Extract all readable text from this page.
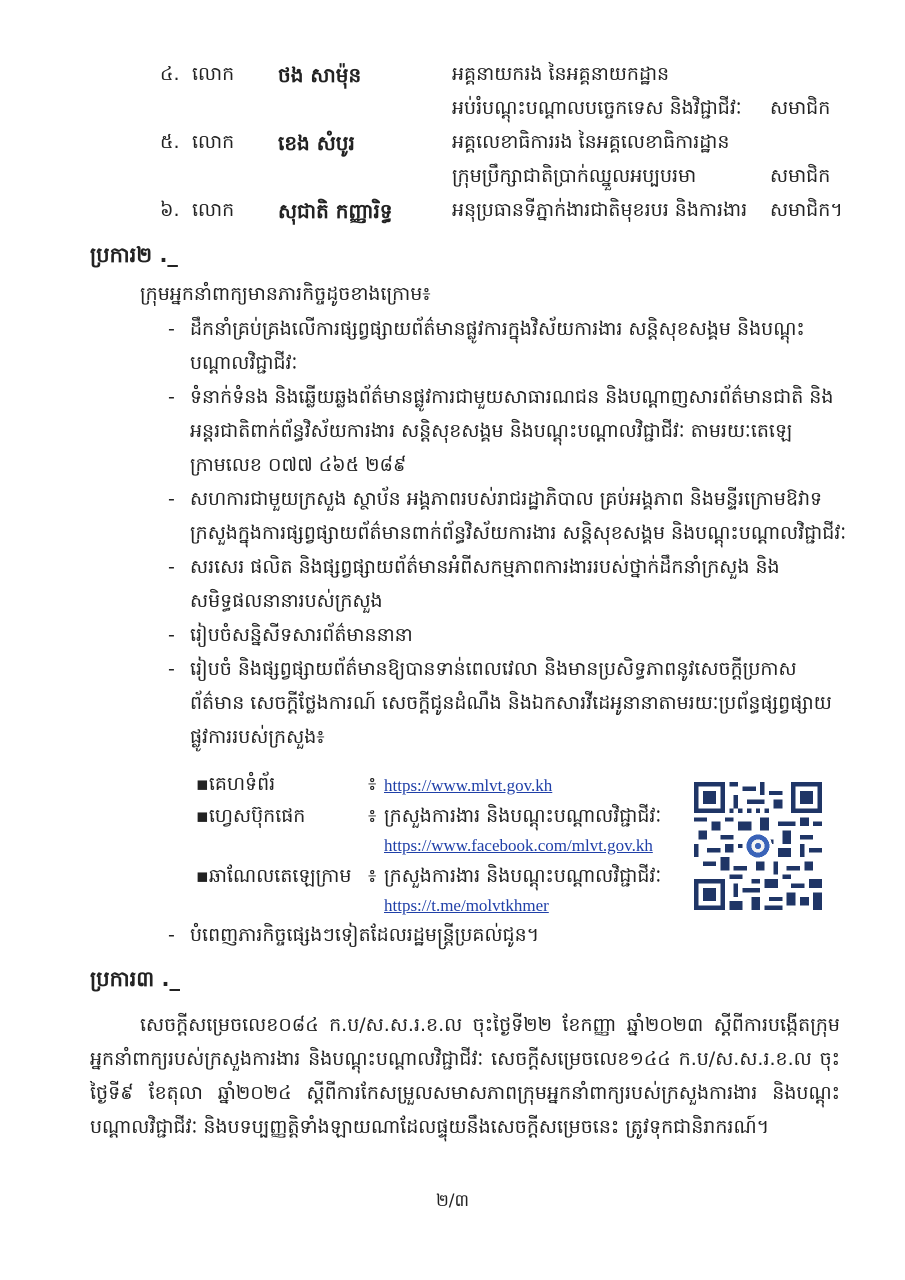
៤. លោក ថង សាម៉ុន	អគ្គនាយករង នៃអគ្គនាយកដ្ឋាន
អប់រំបណ្តុះបណ្តាលបច្ចេកទេស និងវិជ្ជាជីវៈ សមាជិក
៥. លោក ខេង សំបូរ	អគ្គលេខាធិការរង នៃអគ្គលេខាធិការដ្ឋាន
ក្រុមប្រឹក្សាជាតិប្រាក់ឈ្នួលអប្បបរមា	សមាជិក
៦. លោក សុជាតិ កញ្ញារិទ្ធ	អនុប្រធានទីភ្នាក់ងារជាតិមុខរបរ និងការងារ សមាជិក។
ប្រការ២ ._
ក្រុមអ្នកនាំពាក្យមានភារកិច្ចដូចខាងក្រោម៖
- ដឹកនាំគ្រប់គ្រងលើការផ្សព្វផ្សាយព័ត៌មានផ្លូវការក្នុងវិស័យការងារ សន្តិសុខសង្គម និងបណ្តុះបណ្តាលវិជ្ជាជីវៈ
- ទំនាក់ទំនង និងឆ្លើយឆ្លងព័ត៌មានផ្លូវការជាមួយសាធារណជន និងបណ្តាញសារព័ត៌មានជាតិ និងអន្តរជាតិពាក់ព័ន្ធវិស័យការងារ សន្តិសុខសង្គម និងបណ្តុះបណ្តាលវិជ្ជាជីវៈ តាមរយៈតេឡេក្រាមលេខ ០៧៧ ៤៦៥ ២៨៩
- សហការជាមួយក្រសួង ស្ថាប័ន អង្គភាពរបស់រាជរដ្ឋាភិបាល គ្រប់អង្គភាព និងមន្ទីរក្រោមឱវាទក្រសួងក្នុងការផ្សព្វផ្សាយព័ត៌មានពាក់ព័ន្ធវិស័យការងារ សន្តិសុខសង្គម និងបណ្តុះបណ្តាលវិជ្ជាជីវៈ
- សរសេរ ផលិត និងផ្សព្វផ្សាយព័ត៌មានអំពីសកម្មភាពការងាររបស់ថ្នាក់ដឹកនាំក្រសួង និងសមិទ្ធផលនានារបស់ក្រសួង
- រៀបចំសន្និសីទសារព័ត៌មាននានា
- រៀបចំ និងផ្សព្វផ្សាយព័ត៌មានឱ្យបានទាន់ពេលវេលា និងមានប្រសិទ្ធភាពនូវសេចក្តីប្រកាសព័ត៌មាន សេចក្តីថ្លែងការណ៍ សេចក្តីជូនដំណឹង និងឯកសារវីដេអូនានាតាមរយៈប្រព័ន្ធផ្សព្វផ្សាយផ្លូវការរបស់ក្រសួង៖
▪គេហទំព័រ	៖ https://www.mlvt.gov.kh
▪ហ្វេសប៊ុកផេក	៖ ក្រសួងការងារ និងបណ្តុះបណ្តាលវិជ្ជាជីវៈ
https://www.facebook.com/mlvt.gov.kh
▪ឆាណែលតេឡេក្រាម ៖ ក្រសួងការងារ និងបណ្តុះបណ្តាលវិជ្ជាជីវៈ
https://t.me/molvtkhmer
- បំពេញភារកិច្ចផ្សេងៗទៀតដែលរដ្ឋមន្ត្រីប្រគល់ជូន។
ប្រការ៣ ._
សេចក្តីសម្រេចលេខ០៨៤ ក.ប/ស.ស.រ.ខ.ល ចុះថ្ងៃទី២២ ខែកញ្ញា ឆ្នាំ២០២៣ ស្តីពីការបង្កើតក្រុមអ្នកនាំពាក្យរបស់ក្រសួងការងារ និងបណ្តុះបណ្តាលវិជ្ជាជីវៈ សេចក្តីសម្រេចលេខ១៤៤ ក.ប/ស.ស.រ.ខ.ល ចុះថ្ងៃទី៩ ខែតុលា ឆ្នាំ២០២៤ ស្តីពីការកែសម្រួលសមាសភាពក្រុមអ្នកនាំពាក្យរបស់ក្រសួងការងារ និងបណ្តុះបណ្តាលវិជ្ជាជីវៈ និងបទប្បញ្ញត្តិទាំងឡាយណាដែលផ្ទុយនឹងសេចក្តីសម្រេចនេះ ត្រូវទុកជានិរាករណ៍។
២/៣
